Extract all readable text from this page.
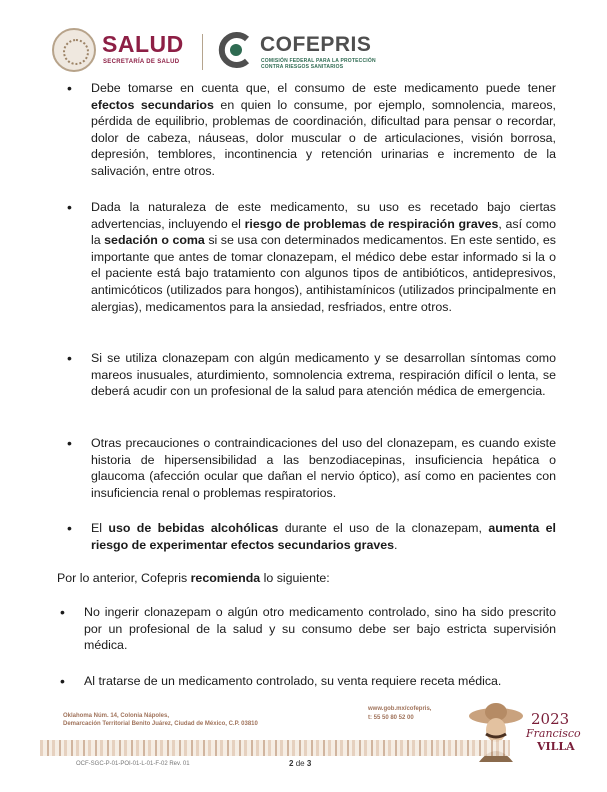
SALUD
SECRETARÍA DE SALUD
COFEPRIS
COMISIÓN FEDERAL PARA LA PROTECCIÓN
CONTRA RIESGOS SANITARIOS
• Debe tomarse en cuenta que, el consumo de este medicamento puede tener efectos secundarios en quien lo consume, por ejemplo, somnolencia, mareos, pérdida de equilibrio, problemas de coordinación, dificultad para pensar o recordar, dolor de cabeza, náuseas, dolor muscular o de articulaciones, visión borrosa, depresión, temblores, incontinencia y retención urinarias e incremento de la salivación, entre otros.
• Dada la naturaleza de este medicamento, su uso es recetado bajo ciertas advertencias, incluyendo el riesgo de problemas de respiración graves, así como la sedación o coma si se usa con determinados medicamentos. En este sentido, es importante que antes de tomar clonazepam, el médico debe estar informado si la o el paciente está bajo tratamiento con algunos tipos de antibióticos, antidepresivos, antimicóticos (utilizados para hongos), antihistamínicos (utilizados principalmente en alergias), medicamentos para la ansiedad, resfriados, entre otros.
• Si se utiliza clonazepam con algún medicamento y se desarrollan síntomas como mareos inusuales, aturdimiento, somnolencia extrema, respiración difícil o lenta, se deberá acudir con un profesional de la salud para atención médica de emergencia.
• Otras precauciones o contraindicaciones del uso del clonazepam, es cuando existe historia de hipersensibilidad a las benzodiacepinas, insuficiencia hepática o glaucoma (afección ocular que dañan el nervio óptico), así como en pacientes con insuficiencia renal o problemas respiratorios.
• El uso de bebidas alcohólicas durante el uso de la clonazepam, aumenta el riesgo de experimentar efectos secundarios graves.
Por lo anterior, Cofepris recomienda lo siguiente:
• No ingerir clonazepam o algún otro medicamento controlado, sino ha sido prescrito por un profesional de la salud y su consumo debe ser bajo estricta supervisión médica.
• Al tratarse de un medicamento controlado, su venta requiere receta médica.
Oklahoma Núm. 14, Colonia Nápoles,
Demarcación Territorial Benito Juárez, Ciudad de México, C.P. 03810
www.gob.mx/cofepris,
t: 55 50 80 52 00	2023
Francisco
VILLA
OCF-SGC-P-01-POI-01-L-01-F-02 Rev. 01	2 de 3
